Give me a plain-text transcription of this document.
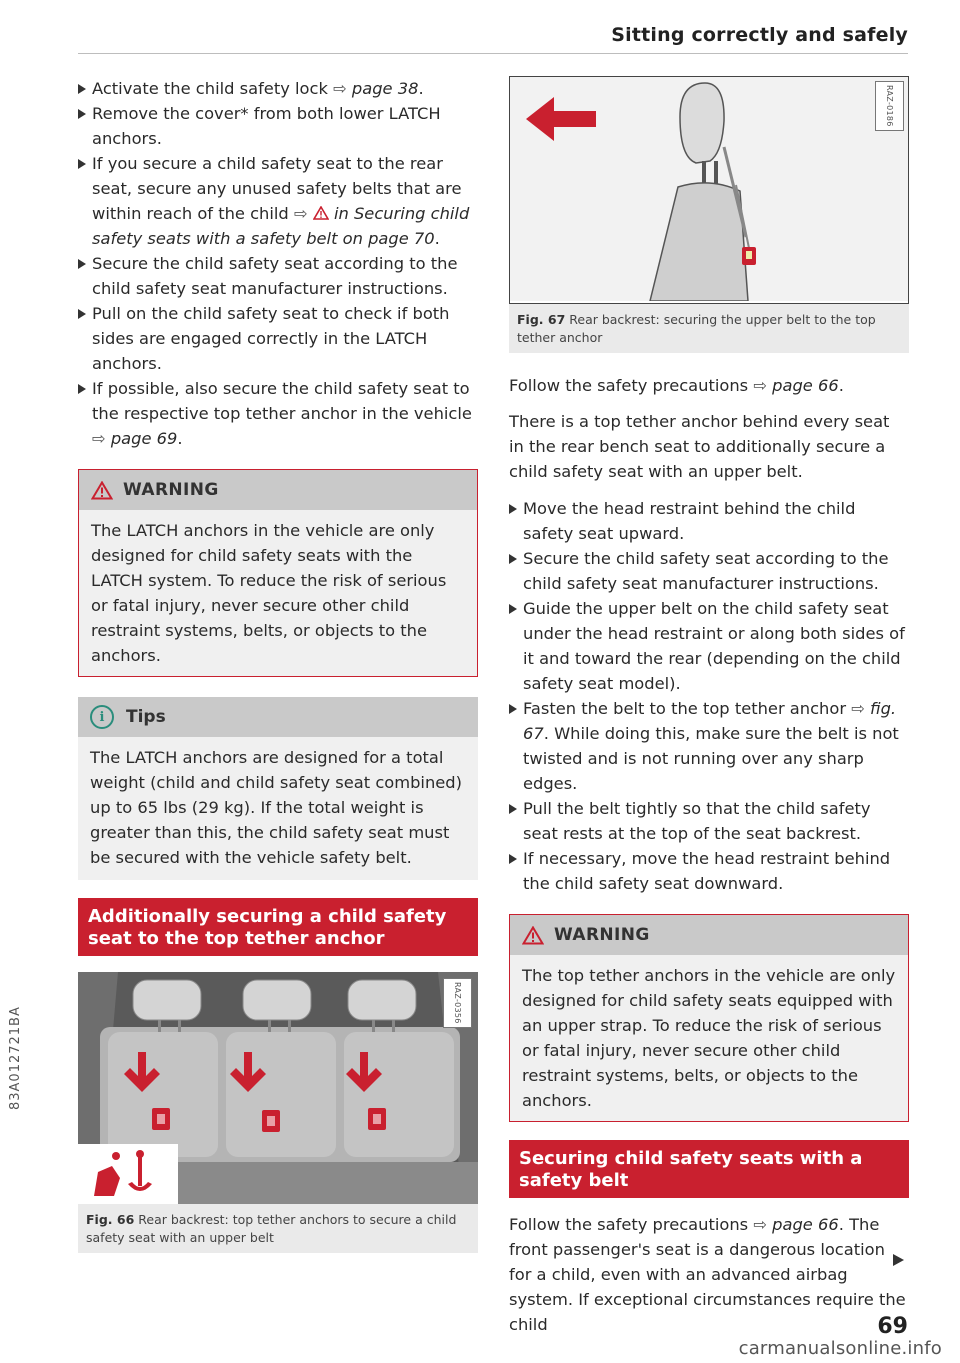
Sitting correctly and safely
Activate the child safety lock ⇨ page 38.
Remove the cover* from both lower LATCH anchors.
If you secure a child safety seat to the rear seat, secure any unused safety belts that are within reach of the child ⇨  in Securing child safety seats with a safety belt on page 70.
Secure the child safety seat according to the child safety seat manufacturer instructions.
Pull on the child safety seat to check if both sides are engaged correctly in the LATCH anchors.
If possible, also secure the child safety seat to the respective top tether anchor in the vehicle ⇨ page 69.
WARNING
The LATCH anchors in the vehicle are only designed for child safety seats with the LATCH system. To reduce the risk of serious or fatal injury, never secure other child restraint systems, belts, or objects to the anchors.
i	Tips
The LATCH anchors are designed for a total weight (child and child safety seat combined) up to 65 lbs (29 kg). If the total weight is greater than this, the child safety seat must be secured with the vehicle safety belt.
Additionally securing a child safety seat to the top tether anchor
RAZ-0356
Fig. 66 Rear backrest: top tether anchors to secure a child safety seat with an upper belt
RAZ-0186
Fig. 67 Rear backrest: securing the upper belt to the top tether anchor

Follow the safety precautions ⇨ page 66.

There is a top tether anchor behind every seat in the rear bench seat to additionally secure a child safety seat with an upper belt.

Move the head restraint behind the child safety seat upward.
Secure the child safety seat according to the child safety seat manufacturer instructions.
Guide the upper belt on the child safety seat under the head restraint or along both sides of it and toward the rear (depending on the child safety seat model).
Fasten the belt to the top tether anchor ⇨ fig. 67. While doing this, make sure the belt is not twisted and is not running over any sharp edges.
Pull the belt tightly so that the child safety seat rests at the top of the seat backrest.
If necessary, move the head restraint behind the child safety seat downward.
WARNING
The top tether anchors in the vehicle are only designed for child safety seats equipped with an upper strap. To reduce the risk of serious or fatal injury, never secure other child restraint systems, belts, or objects to the anchors.
Securing child safety seats with a safety belt

Follow the safety precautions ⇨ page 66. The front passenger's seat is a dangerous location for a child, even with an advanced airbag system. If exceptional circumstances require the child

83A012721BA
69
carmanualsonline.info
